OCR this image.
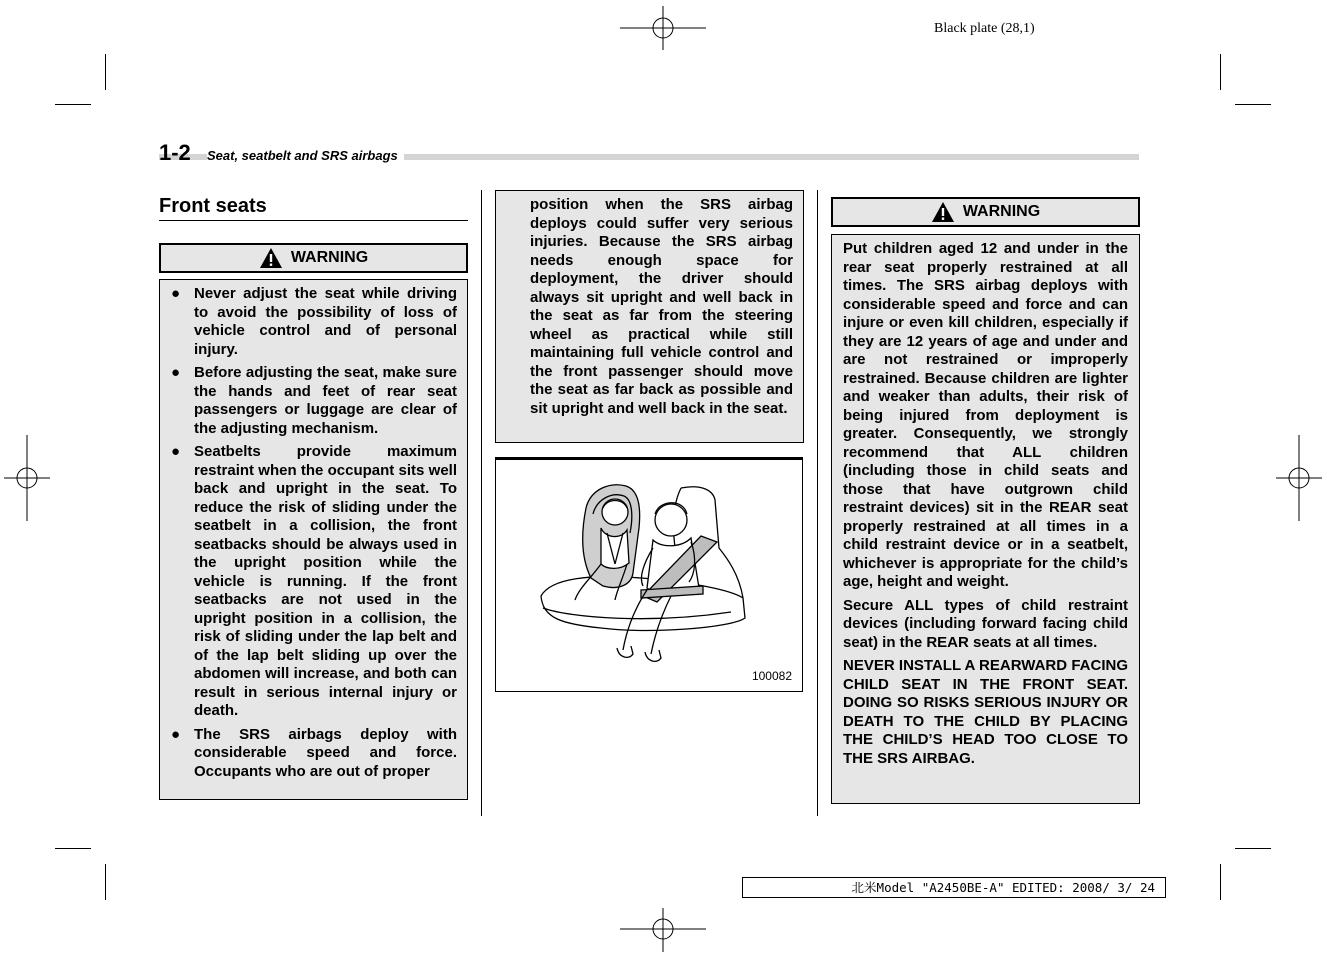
Black plate (28,1)
1-2 Seat, seatbelt and SRS airbags
Front seats
WARNING
● Never adjust the seat while driving to avoid the possibility of loss of vehicle control and of personal injury.
● Before adjusting the seat, make sure the hands and feet of rear seat passengers or luggage are clear of the adjusting mechanism.
● Seatbelts provide maximum restraint when the occupant sits well back and upright in the seat. To reduce the risk of sliding under the seatbelt in a collision, the front seatbacks should be always used in the upright position while the vehicle is running. If the front seatbacks are not used in the upright position in a collision, the risk of sliding under the lap belt and of the lap belt sliding up over the abdomen will increase, and both can result in serious internal injury or death.
● The SRS airbags deploy with considerable speed and force. Occupants who are out of proper

position when the SRS airbag deploys could suffer very serious injuries. Because the SRS airbag needs enough space for deployment, the driver should always sit upright and well back in the seat as far from the steering wheel as practical while still maintaining full vehicle control and the front passenger should move the seat as far back as possible and sit upright and well back in the seat.

100082
WARNING

Put children aged 12 and under in the rear seat properly restrained at all times. The SRS airbag deploys with considerable speed and force and can injure or even kill children, especially if they are 12 years of age and under and are not restrained or improperly restrained. Because children are lighter and weaker than adults, their risk of being injured from deployment is greater. Consequently, we strongly recommend that ALL children (including those in child seats and those that have outgrown child restraint devices) sit in the REAR seat properly restrained at all times in a child restraint device or in a seatbelt, whichever is appropriate for the child’s age, height and weight.

Secure ALL types of child restraint devices (including forward facing child seat) in the REAR seats at all times.

NEVER INSTALL A REARWARD FACING CHILD SEAT IN THE FRONT SEAT. DOING SO RISKS SERIOUS INJURY OR DEATH TO THE CHILD BY PLACING THE CHILD’S HEAD TOO CLOSE TO THE SRS AIRBAG.

北米Model "A2450BE-A" EDITED: 2008/ 3/ 24
